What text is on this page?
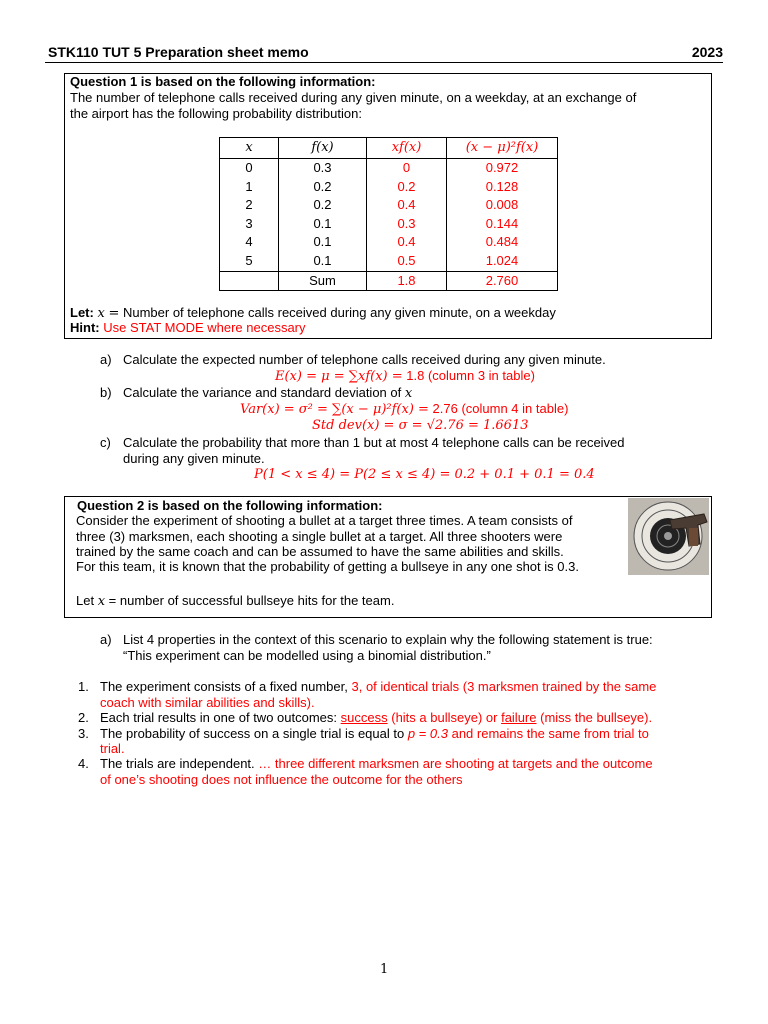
STK110 TUT 5 Preparation sheet memo	2023
Question 1 is based on the following information:
The number of telephone calls received during any given minute, on a weekday, at an exchange of
the airport has the following probability distribution:
x	f(x)	xf(x)	(x − μ)²f(x)
0	0.3	0	0.972
1	0.2	0.2	0.128
2	0.2	0.4	0.008
3	0.1	0.3	0.144
4	0.1	0.4	0.484
5	0.1	0.5	1.024
	Sum	1.8	2.760
Let: x = Number of telephone calls received during any given minute, on a weekday
Hint: Use STAT MODE where necessary
a) Calculate the expected number of telephone calls received during any given minute.
E(x) = μ = ∑xf(x) = 1.8 (column 3 in table)
b) Calculate the variance and standard deviation of x
Var(x) = σ² = ∑(x − μ)²f(x) = 2.76 (column 4 in table)
Std dev(x) = σ = √2.76 = 1.6613
c) Calculate the probability that more than 1 but at most 4 telephone calls can be received
during any given minute.
P(1 < x ≤ 4) = P(2 ≤ x ≤ 4) = 0.2 + 0.1 + 0.1 = 0.4
Question 2 is based on the following information:
Consider the experiment of shooting a bullet at a target three times. A team consists of
three (3) marksmen, each shooting a single bullet at a target. All three shooters were
trained by the same coach and can be assumed to have the same abilities and skills.
For this team, it is known that the probability of getting a bullseye in any one shot is 0.3.
Let x = number of successful bullseye hits for the team.
a) List 4 properties in the context of this scenario to explain why the following statement is true:
“This experiment can be modelled using a binomial distribution.”
1. The experiment consists of a fixed number, 3, of identical trials (3 marksmen trained by the same
coach with similar abilities and skills).
2. Each trial results in one of two outcomes: success (hits a bullseye) or failure (miss the bullseye).
3. The probability of success on a single trial is equal to p = 0.3 and remains the same from trial to
trial.
4. The trials are independent. … three different marksmen are shooting at targets and the outcome
of one’s shooting does not influence the outcome for the others
1
